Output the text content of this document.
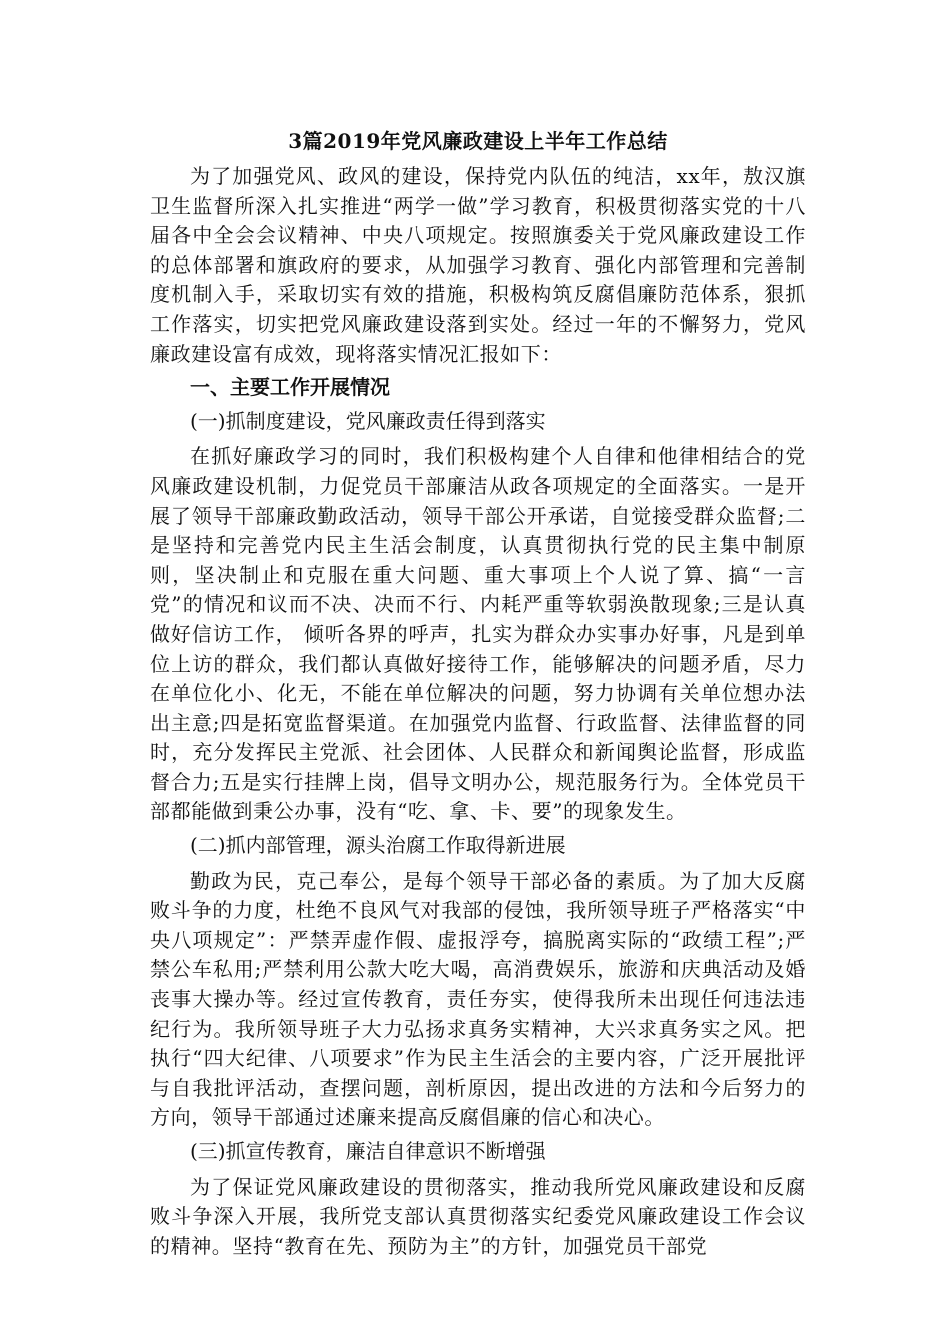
3篇2019年党风廉政建设上半年工作总结

为了加强党风、政风的建设，保持党内队伍的纯洁，xx年，敖汉旗卫生监督所深入扎实推进“两学一做”学习教育，积极贯彻落实党的十八届各中全会会议精神、中央八项规定。按照旗委关于党风廉政建设工作的总体部署和旗政府的要求，从加强学习教育、强化内部管理和完善制度机制入手，采取切实有效的措施，积极构筑反腐倡廉防范体系，狠抓工作落实，切实把党风廉政建设落到实处。经过一年的不懈努力，党风廉政建设富有成效，现将落实情况汇报如下：

一、主要工作开展情况
(一)抓制度建设，党风廉政责任得到落实

在抓好廉政学习的同时，我们积极构建个人自律和他律相结合的党风廉政建设机制，力促党员干部廉洁从政各项规定的全面落实。一是开展了领导干部廉政勤政活动，领导干部公开承诺，自觉接受群众监督;二是坚持和完善党内民主生活会制度，认真贯彻执行党的民主集中制原则，坚决制止和克服在重大问题、重大事项上个人说了算、搞“一言党”的情况和议而不决、决而不行、内耗严重等软弱涣散现象;三是认真做好信访工作， 倾听各界的呼声，扎实为群众办实事办好事，凡是到单位上访的群众，我们都认真做好接待工作，能够解决的问题矛盾，尽力在单位化小、化无，不能在单位解决的问题，努力协调有关单位想办法出主意;四是拓宽监督渠道。在加强党内监督、行政监督、法律监督的同时，充分发挥民主党派、社会团体、人民群众和新闻舆论监督，形成监督合力;五是实行挂牌上岗，倡导文明办公，规范服务行为。全体党员干部都能做到秉公办事，没有“吃、拿、卡、要”的现象发生。

(二)抓内部管理，源头治腐工作取得新进展

勤政为民，克己奉公，是每个领导干部必备的素质。为了加大反腐败斗争的力度，杜绝不良风气对我部的侵蚀，我所领导班子严格落实“中央八项规定”：严禁弄虚作假、虚报浮夸，搞脱离实际的“政绩工程”;严禁公车私用;严禁利用公款大吃大喝，高消费娱乐，旅游和庆典活动及婚丧事大操办等。经过宣传教育，责任夯实，使得我所未出现任何违法违纪行为。我所领导班子大力弘扬求真务实精神，大兴求真务实之风。把执行“四大纪律、八项要求”作为民主生活会的主要内容，广泛开展批评与自我批评活动，查摆问题，剖析原因，提出改进的方法和今后努力的方向，领导干部通过述廉来提高反腐倡廉的信心和决心。

(三)抓宣传教育，廉洁自律意识不断增强

为了保证党风廉政建设的贯彻落实，推动我所党风廉政建设和反腐败斗争深入开展，我所党支部认真贯彻落实纪委党风廉政建设工作会议的精神。坚持“教育在先、预防为主”的方针，加强党员干部党
